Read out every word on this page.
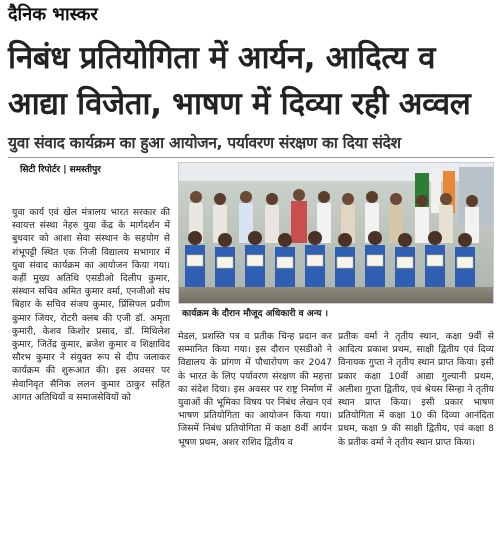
दैनिक भास्कर
निबंध प्रतियोगिता में आर्यन, आदित्य व
आद्या विजेता, भाषण में दिव्या रही अव्वल
युवा संवाद कार्यक्रम का हुआ आयोजन, पर्यावरण संरक्षण का दिया संदेश
सिटी रिपोर्टर | समस्तीपुर
कार्यक्रम के दौरान मौजूद अधिकारी व अन्य ।

युवा कार्य एवं खेल मंत्रालय भारत सरकार की स्वायत्त संस्था नेहरु युवा केंद्र के मार्गदर्शन में बुधवार को आशा सेवा संस्थान के सहयोग से शंभूपट्टी स्थित एक निजी विद्यालय सभागार में युवा संवाद कार्यक्रम का आयोजन किया गया। कहीं मुख्य अतिथि एसडीओ दिलीप कुमार, संस्थान सचिव अमित कुमार वर्मा, एनजीओ संघ बिहार के सचिव संजय कुमार, प्रिंसिपल प्रवीण कुमार जियर, रोटरी क्लब की एजी डॉ. अमृता कुमारी, केशव किशोर प्रसाद, डॉ. मिथिलेश कुमार, जितेंद्र कुमार, ब्रजेश कुमार व शिक्षाविद सौरभ कुमार ने संयुक्त रूप से दीप जलाकर कार्यक्रम की शुरूआत की। इस अवसर पर सेवानिवृत सैनिक ललन कुमार ठाकुर सहित आगत अतिथियों व समाजसेवियों को

मेडल, प्रशस्ति पत्र व प्रतीक चिन्ह प्रदान कर सम्मानित किया गया। इस दौरान एसडीओ ने विद्यालय के प्रांगण में पौधारोपण कर 2047 के भारत के लिए पर्यावरण संरक्षण की महत्ता का संदेश दिया। इस अवसर पर राष्ट्र निर्माण में युवाओं की भूमिका विषय पर निबंध लेखन एवं भाषण प्रतियोगिता का आयोजन किया गया। जिसमें निबंध प्रतियोगिता में कक्षा 8वीं आर्यन भूषण प्रथम, अशर राशिद द्वितीय व

प्रतीक वर्मा ने तृतीय स्थान, कक्षा 9वीं से आदित्य प्रकाश प्रथम, साक्षी द्वितीय एवं दिव्य विनायक गुप्ता ने तृतीय स्थान प्राप्त किया। इसी प्रकार कक्षा 10वीं आद्या गुल्यानी प्रथम, अलीशा गुप्ता द्वितीय, एवं श्रेयस सिन्हा ने तृतीय स्थान प्राप्त किया। इसी प्रकार भाषण प्रतियोगिता में कक्षा 10 की दिव्या आनंदिता प्रथम, कक्षा 9 की साक्षी द्वितीय, एवं कक्षा 8 के प्रतीक वर्मा ने तृतीय स्थान प्राप्त किया।
